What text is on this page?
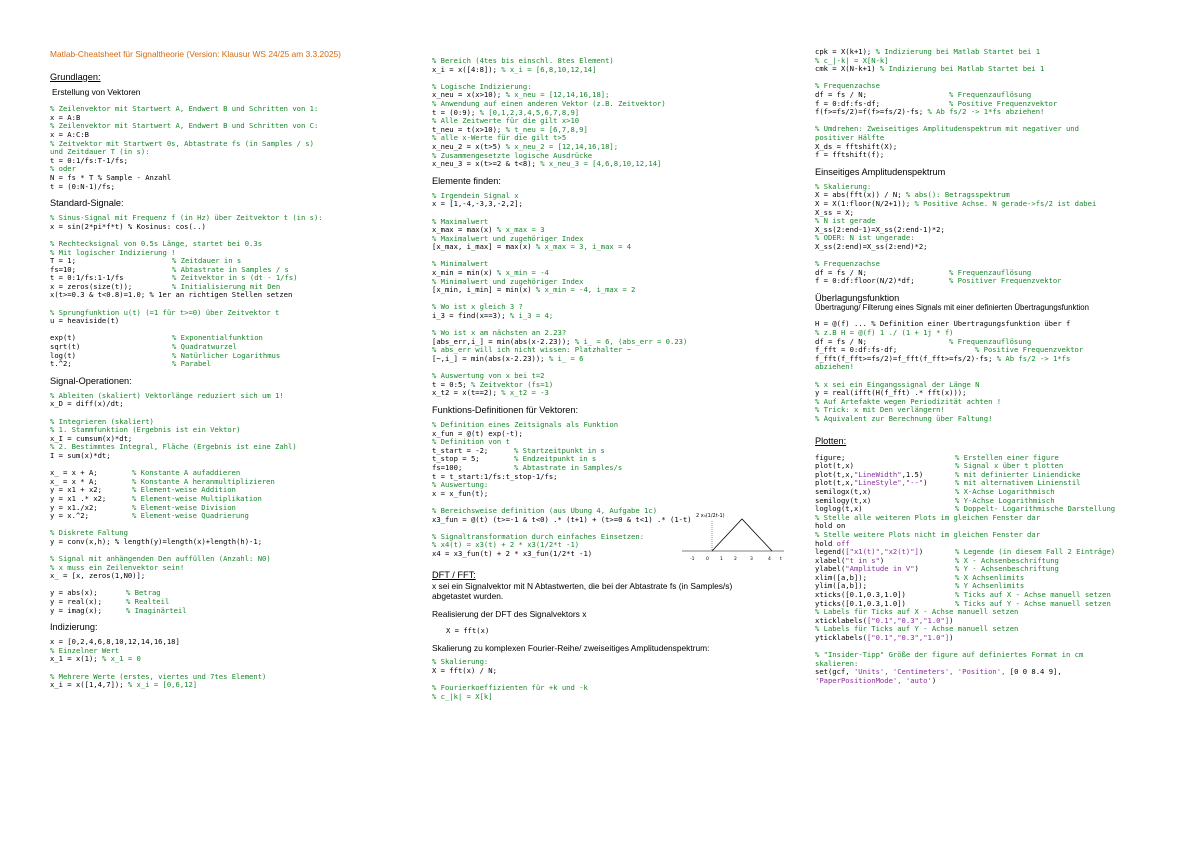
Matlab-Cheatsheet für Signaltheorie (Version: Klausur WS 24/25 am 3.3.2025)
Grundlagen:
Erstellung von Vektoren
% Zeilenvektor mit Startwert A, Endwert B und Schritten von 1:
x = A:B
% Zeilenvektor mit Startwert A, Endwert B und Schritten von C:
x = A:C:B
% Zeitvektor mit Startwert 0s, Abtastrate fs (in Samples / s)
und Zeitdauer T (in s):
t = 0:1/fs:T-1/fs;
% oder
N = fs * T % Sample - Anzahl
t = (0:N-1)/fs;
Standard-Signale:
% Sinus-Signal mit Frequenz f (in Hz) über Zeitvektor t (in s):
x = sin(2*pi*f*t) % Kosinus: cos(..)
% Rechtecksignal von 0.5s Länge, startet bei 0.3s
% Mit logischer Indizierung !
T = 1;	% Zeitdauer in s
fs=10;	% Abtastrate in Samples / s
t = 0:1/fs:1-1/fs	% Zeitvektor in s (dt - 1/fs)
x = zeros(size(t));	% Initialisierung mit Den
x(t>=0.3 & t<0.8)=1.0; % 1er an richtigen Stellen setzen
% Sprungfunktion u(t) (=1 für t>=0) über Zeitvektor t
u = heaviside(t)
exp(t)	% Exponentialfunktion
sqrt(t)	% Quadratwurzel
log(t)	% Natürlicher Logarithmus
t.^2;	% Parabel
Signal-Operationen:
% Ableiten (skaliert) Vektorlänge reduziert sich um 1!
x_D = diff(x)/dt;
% Integrieren (skaliert)
% 1. Stammfunktion (Ergebnis ist ein Vektor)
x_I = cumsum(x)*dt;
% 2. Bestimmtes Integral, Fläche (Ergebnis ist eine Zahl)
I = sum(x)*dt;
x_ = x + A;	% Konstante A aufaddieren
x_ = x * A;	% Konstante A heranmultiplizieren
y = x1 + x2;	% Element-weise Addition
y = x1 .* x2;	% Element-weise Multiplikation
y = x1./x2;	% Element-weise Division
y = x.^2;	% Element-weise Quadrierung
% Diskrete Faltung
y = conv(x,h); % length(y)=length(x)+length(h)-1;
% Signal mit anhängenden Den auffüllen (Anzahl: N0)
% x muss ein Zeilenvektor sein!
x_ = [x, zeros(1,N0)];
y = abs(x);	% Betrag
y = real(x);	% Realteil
y = imag(x);	% Imaginärteil
Indizierung:
x = [0,2,4,6,8,10,12,14,16,18]
% Einzelner Wert
x_1 = x(1); % x_1 = 0
% Mehrere Werte (erstes, viertes und 7tes Element)
x_i = x([1,4,7]); % x_i = [0,6,12]
% Bereich (4tes bis einschl. 8tes Element)
x_i = x([4:8]); % x_i = [6,8,10,12,14]
% Logische Indizierung:
x_neu = x(x>10); % x_neu = [12,14,16,18];
% Anwendung auf einen anderen Vektor (z.B. Zeitvektor)
t = (0:9); % [0,1,2,3,4,5,6,7,8,9]
% Alle Zeitwerte für die gilt x>10
t_neu = t(x>10); % t_neu = [6,7,8,9]
% alle x-Werte für die gilt t>5
x_neu_2 = x(t>5) % x_neu_2 = [12,14,16,18];
% Zusammengesetzte logische Ausdrücke
x_neu_3 = x(t>=2 & t<8); % x_neu_3 = [4,6,8,10,12,14]
Elemente finden:
% Irgendein Signal x
x = [1,-4,-3,3,-2,2];
% Maximalwert
x_max = max(x) % x_max = 3
% Maximalwert und zugehöriger Index
[x_max, i_max] = max(x) % x_max = 3, i_max = 4
% Minimalwert
x_min = min(x) % x_min = -4
% Minimalwert und zugehöriger Index
[x_min, i_min] = min(x) % x_min = -4, i_max = 2
% Wo ist x gleich 3 ?
i_3 = find(x==3); % i_3 = 4;
% Wo ist x am nächsten an 2.23?
[abs_err,i_] = min(abs(x-2.23)); % i_ = 6, (abs_err = 0.23)
% abs_err will ich nicht wissen: Platzhalter ~
[~,i_] = min(abs(x-2.23)); % i_ = 6
% Auswertung von x bei t=2
t = 0:5; % Zeitvektor (fs=1)
x_t2 = x(t==2); % x_t2 = -3
Funktions-Definitionen für Vektoren:
% Definition eines Zeitsignals als Funktion
x_fun = @(t) exp(-t);
% Definition von t
t_start = -2;	% Startzeitpunkt in s
t_stop = 5;	% Endzeitpunkt in s
fs=100;	% Abtastrate in Samples/s
t = t_start:1/fs:t_stop-1/fs;
% Auswertung:
x = x_fun(t);
% Bereichsweise definition (aus Übung 4, Aufgabe 1c)
x3_fun = @(t) (t>=-1 & t<0) .* (t+1) + (t>=0 & t<1) .* (1-t)
% Signaltransformation durch einfaches Einsetzen:
% x4(t) = x3(t) + 2 * x3(1/2*t -1)
x4 = x3_fun(t) + 2 * x3_fun(1/2*t -1)
DFT / FFT:
x sei ein Signalvektor mit N Abtastwerten, die bei der Abtastrate fs (in Samples/s)
abgetastet wurden.
Realisierung der DFT des Signalvektors x
X = fft(x)
Skalierung zu komplexen Fourier-Reihe/ zweiseitiges Amplitudenspektrum:
% Skalierung:
X = fft(x) / N;
% Fourierkoeffizienten für +k und -k
% c_|k| = X[k]
2 x₃(1/2t-1)
-1	0 1 2	3	4 t
cpk = X(k+1); % Indizierung bei Matlab Startet bei 1
% c_|-k| = X[N-k]
cmk = X(N-k+1) % Indizierung bei Matlab Startet bei 1
% Frequenzachse
df = fs / N;	% Frequenzauflösung
f = 0:df:fs-df;	% Positive Frequenzvektor
f(f>=fs/2)=f(f>=fs/2)-fs; % Ab fs/2 -> 1*fs abziehen!
% Umdrehen: Zweiseitiges Amplitudenspektrum mit negativer und
positiver Hälfte
X_ds = fftshift(X);
f = fftshift(f);
Einseitiges Amplitudenspektrum
% Skalierung:
X = abs(fft(x)) / N; % abs(): Betragsspektrum
X = X(1:floor(N/2+1)); % Positive Achse. N gerade->fs/2 ist dabei
X_ss = X;
% N ist gerade
X_ss(2:end-1)=X_ss(2:end-1)*2;
% ODER: N ist ungerade:
X_ss(2:end)=X_ss(2:end)*2;
% Frequenzachse
df = fs / N;	% Frequenzauflösung
f = 0:df:floor(N/2)*df;	% Positiver Frequenzvektor
Überlagungsfunktion
Übertragung/ Filterung eines Signals mit einer definierten Übertragungsfunktion
H = @(f) ... % Definition einer Übertragungsfunktion über f
% z.B H = @(f) 1 ./ (1 + 1j * f)
df = fs / N;	% Frequenzauflösung
f_fft = 0:df:fs-df;	% Positive Frequenzvektor
f_fft(f_fft>=fs/2)=f_fft(f_fft>=fs/2)-fs; % Ab fs/2 -> 1*fs
abziehen!
% x sei ein Eingangssignal der Länge N
y = real(ifft(H(f_fft) .* fft(x)));
% Auf Artefakte wegen Periodizität achten !
% Trick: x mit Den verlängern!
% Äquivalent zur Berechnung über Faltung!
Plotten:
figure;	% Erstellen einer figure
plot(t,x)	% Signal x über t plotten
plot(t,x,"LineWidth",1.5)	% mit definierter Liniendicke
plot(t,x,"LineStyle","--")	% mit alternativem Linienstil
semilogx(t,x)	% X-Achse Logarithmisch
semilogy(t,x)	% Y-Achse Logarithmisch
loglog(t,x)	% Doppelt- Logarithmische Darstellung
% Stelle alle weiteren Plots im gleichen Fenster dar
hold on
% Stelle weitere Plots nicht im gleichen Fenster dar
hold off
legend(["x1(t)","x2(t)"])	% Legende (in diesem Fall 2 Einträge)
xlabel("t in s")	% X - Achsenbeschriftung
ylabel("Amplitude in V")	% Y - Achsenbeschriftung
xlim([a,b]);	% X Achsenlimits
ylim([a,b]);	% Y Achsenlimits
xticks([0.1,0.3,1.0])	% Ticks auf X - Achse manuell setzen
yticks([0.1,0.3,1.0])	% Ticks auf Y - Achse manuell setzen
% Labels für Ticks auf X - Achse manuell setzen
xticklabels(["0.1","0.3","1.0"])
% Labels für Ticks auf Y - Achse manuell setzen
yticklabels(["0.1","0.3","1.0"])
% "Insider-Tipp" Größe der figure auf definiertes Format in cm
skalieren:
set(gcf, 'Units', 'Centimeters', 'Position', [0 0 8.4 9],
'PaperPositionMode', 'auto')
